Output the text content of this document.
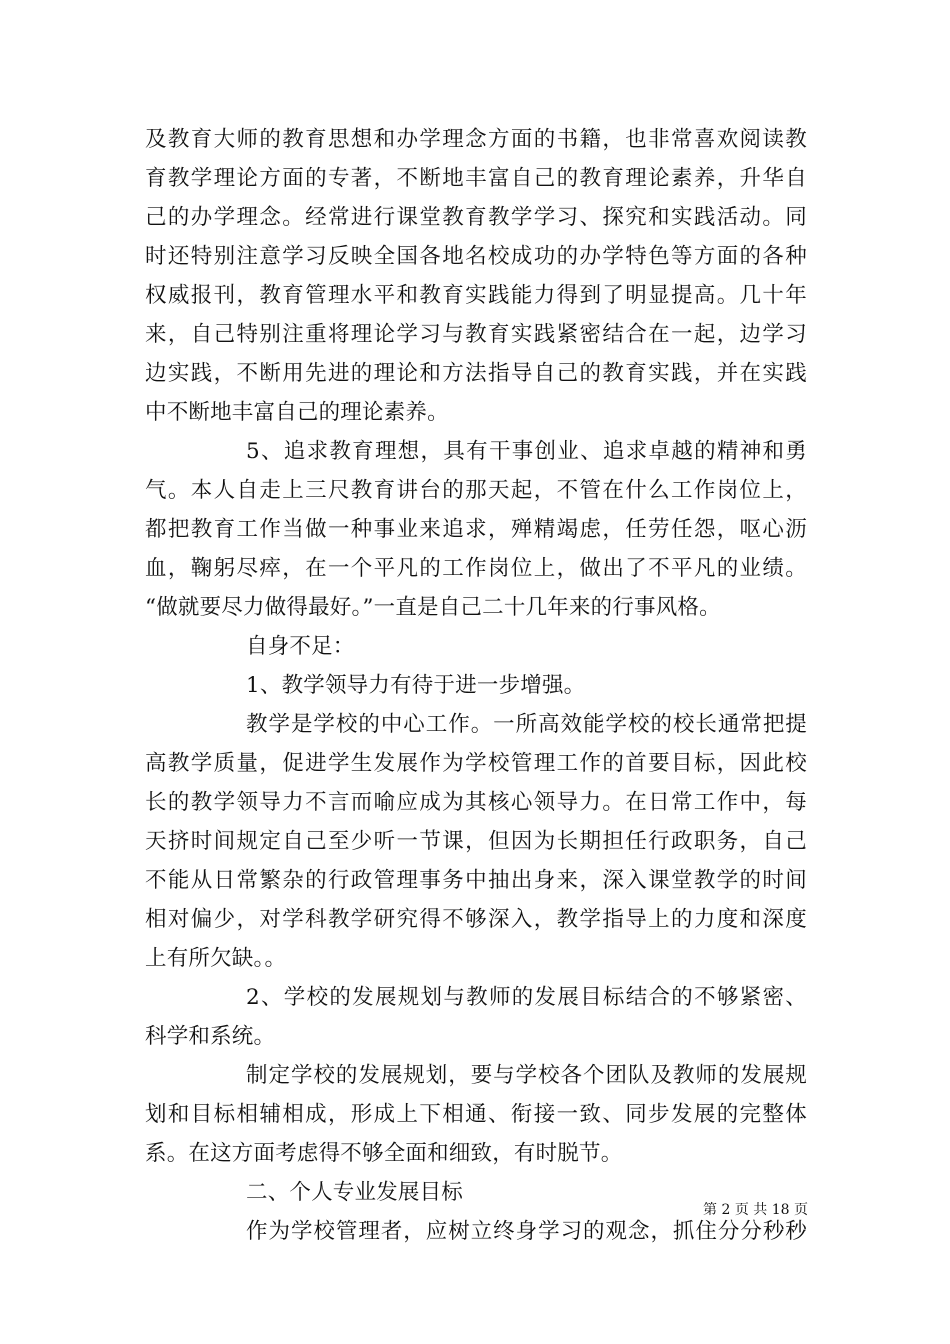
及教育大师的教育思想和办学理念方面的书籍，也非常喜欢阅读教
育教学理论方面的专著，不断地丰富自己的教育理论素养，升华自
己的办学理念。经常进行课堂教育教学学习、探究和实践活动。同
时还特别注意学习反映全国各地名校成功的办学特色等方面的各种
权威报刊，教育管理水平和教育实践能力得到了明显提高。几十年
来，自己特别注重将理论学习与教育实践紧密结合在一起，边学习
边实践，不断用先进的理论和方法指导自己的教育实践，并在实践
中不断地丰富自己的理论素养。
5、追求教育理想，具有干事创业、追求卓越的精神和勇
气。本人自走上三尺教育讲台的那天起，不管在什么工作岗位上，
都把教育工作当做一种事业来追求，殚精竭虑，任劳任怨，呕心沥
血，鞠躬尽瘁，在一个平凡的工作岗位上，做出了不平凡的业绩。
“做就要尽力做得最好。”一直是自己二十几年来的行事风格。
自身不足：
1、教学领导力有待于进一步增强。
教学是学校的中心工作。一所高效能学校的校长通常把提
高教学质量，促进学生发展作为学校管理工作的首要目标，因此校
长的教学领导力不言而喻应成为其核心领导力。在日常工作中，每
天挤时间规定自己至少听一节课，但因为长期担任行政职务，自己
不能从日常繁杂的行政管理事务中抽出身来，深入课堂教学的时间
相对偏少，对学科教学研究得不够深入，教学指导上的力度和深度
上有所欠缺。。
2、学校的发展规划与教师的发展目标结合的不够紧密、
科学和系统。
制定学校的发展规划，要与学校各个团队及教师的发展规
划和目标相辅相成，形成上下相通、衔接一致、同步发展的完整体
系。在这方面考虑得不够全面和细致，有时脱节。
二、个人专业发展目标
作为学校管理者，应树立终身学习的观念，抓住分分秒秒
第 2 页 共 18 页
